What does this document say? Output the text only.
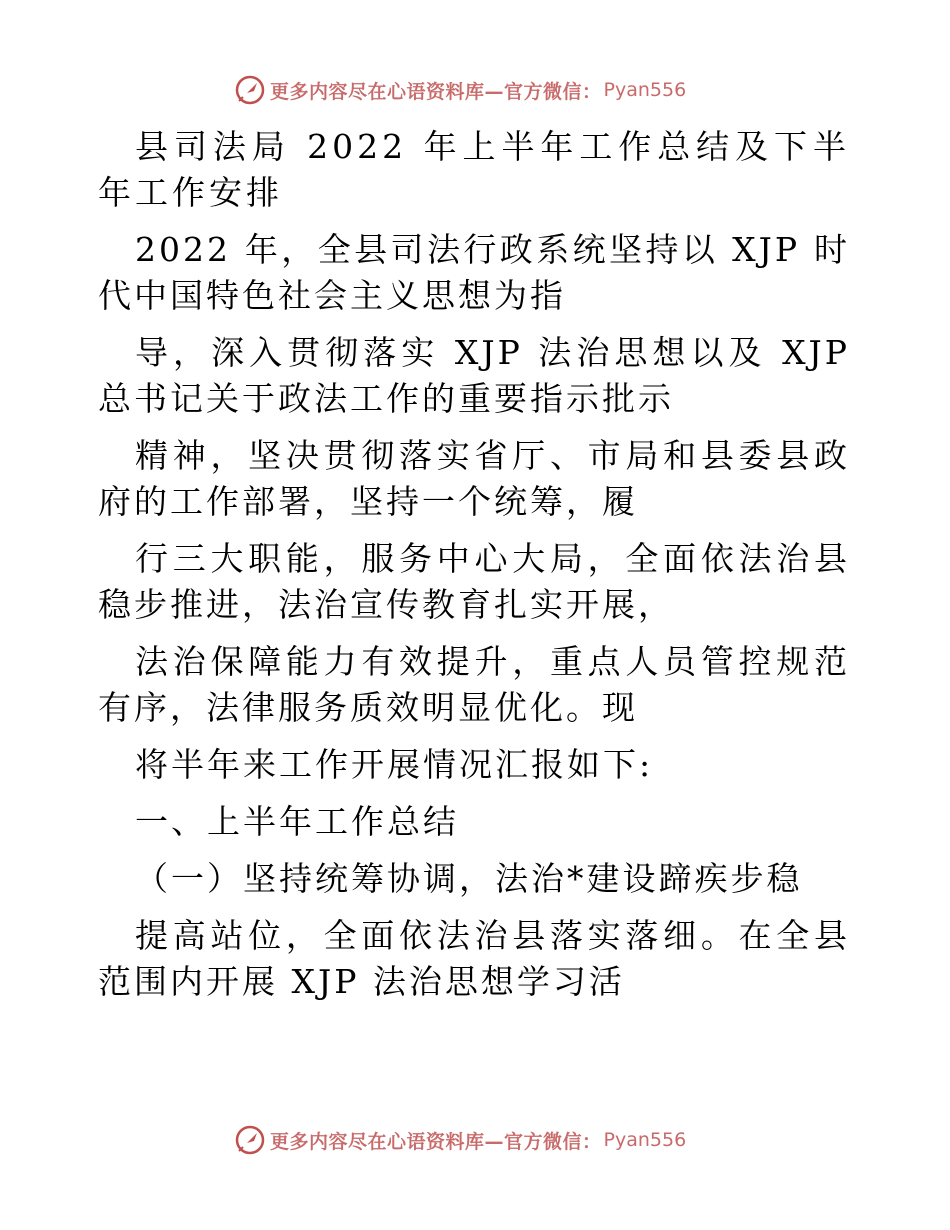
更多内容尽在心语资料库—官方微信： Pyan556

县司法局 2022 年上半年工作总结及下半年工作安排

2022 年，全县司法行政系统坚持以 XJP 时代中国特色社会主义思想为指

导，深入贯彻落实 XJP 法治思想以及 XJP 总书记关于政法工作的重要指示批示

精神，坚决贯彻落实省厅、市局和县委县政府的工作部署，坚持一个统筹，履

行三大职能，服务中心大局，全面依法治县稳步推进，法治宣传教育扎实开展，

法治保障能力有效提升，重点人员管控规范有序，法律服务质效明显优化。现

将半年来工作开展情况汇报如下:

一、上半年工作总结

（一）坚持统筹协调，法治*建设蹄疾步稳

提高站位，全面依法治县落实落细。在全县范围内开展 XJP 法治思想学习活

更多内容尽在心语资料库—官方微信： Pyan556
